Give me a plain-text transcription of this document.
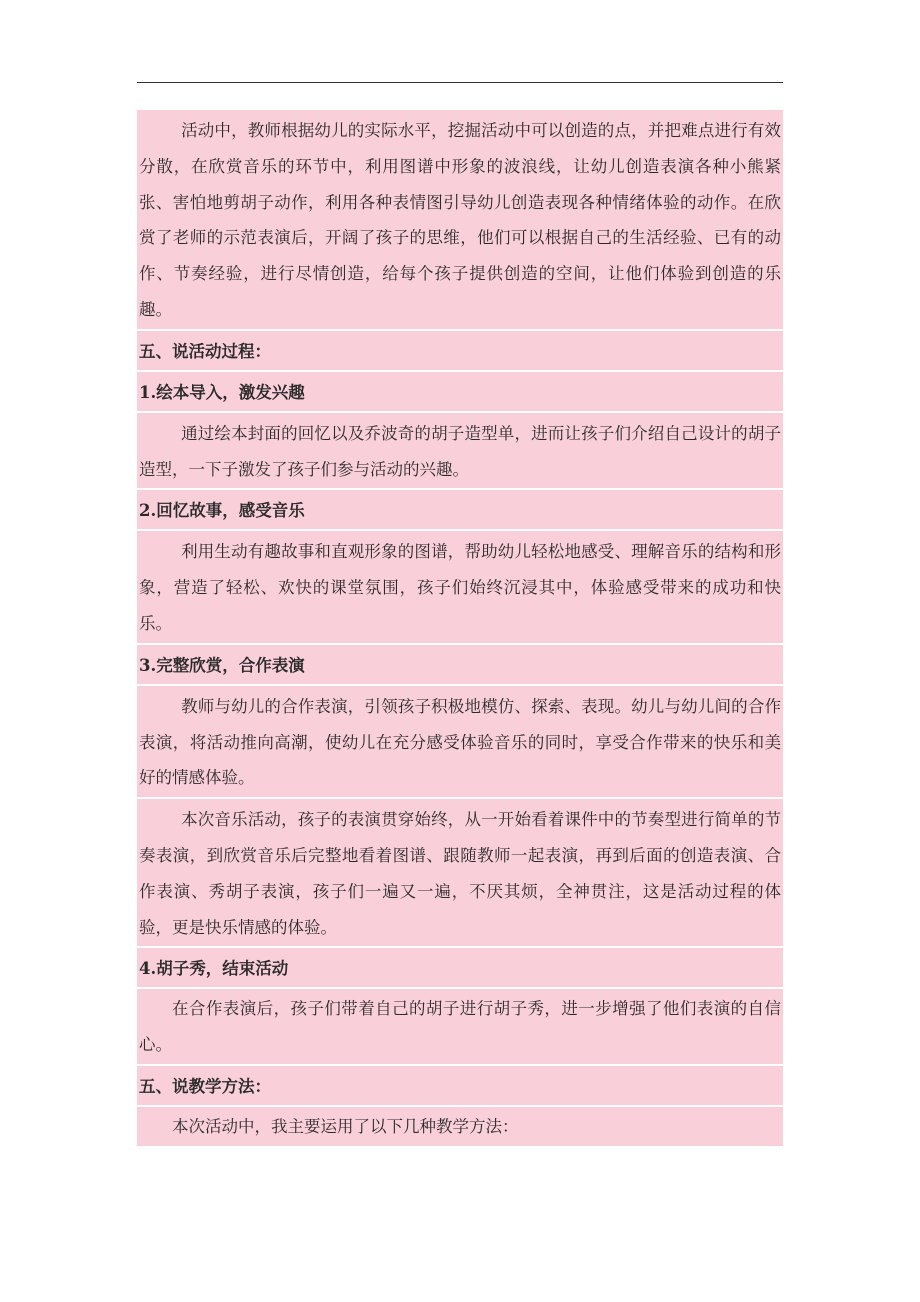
活动中，教师根据幼儿的实际水平，挖掘活动中可以创造的点，并把难点进行有效分散，在欣赏音乐的环节中，利用图谱中形象的波浪线，让幼儿创造表演各种小熊紧张、害怕地剪胡子动作，利用各种表情图引导幼儿创造表现各种情绪体验的动作。在欣赏了老师的示范表演后，开阔了孩子的思维，他们可以根据自己的生活经验、已有的动作、节奏经验，进行尽情创造，给每个孩子提供创造的空间，让他们体验到创造的乐趣。
五、说活动过程：
1.绘本导入，激发兴趣
通过绘本封面的回忆以及乔波奇的胡子造型单，进而让孩子们介绍自己设计的胡子造型，一下子激发了孩子们参与活动的兴趣。
2.回忆故事，感受音乐
利用生动有趣故事和直观形象的图谱，帮助幼儿轻松地感受、理解音乐的结构和形象，营造了轻松、欢快的课堂氛围，孩子们始终沉浸其中，体验感受带来的成功和快乐。
3.完整欣赏，合作表演
教师与幼儿的合作表演，引领孩子积极地模仿、探索、表现。幼儿与幼儿间的合作表演，将活动推向高潮，使幼儿在充分感受体验音乐的同时，享受合作带来的快乐和美好的情感体验。
本次音乐活动，孩子的表演贯穿始终，从一开始看着课件中的节奏型进行简单的节奏表演，到欣赏音乐后完整地看着图谱、跟随教师一起表演，再到后面的创造表演、合作表演、秀胡子表演，孩子们一遍又一遍，不厌其烦，全神贯注，这是活动过程的体验，更是快乐情感的体验。
4.胡子秀，结束活动
在合作表演后，孩子们带着自己的胡子进行胡子秀，进一步增强了他们表演的自信心。
五、说教学方法：
本次活动中，我主要运用了以下几种教学方法：
